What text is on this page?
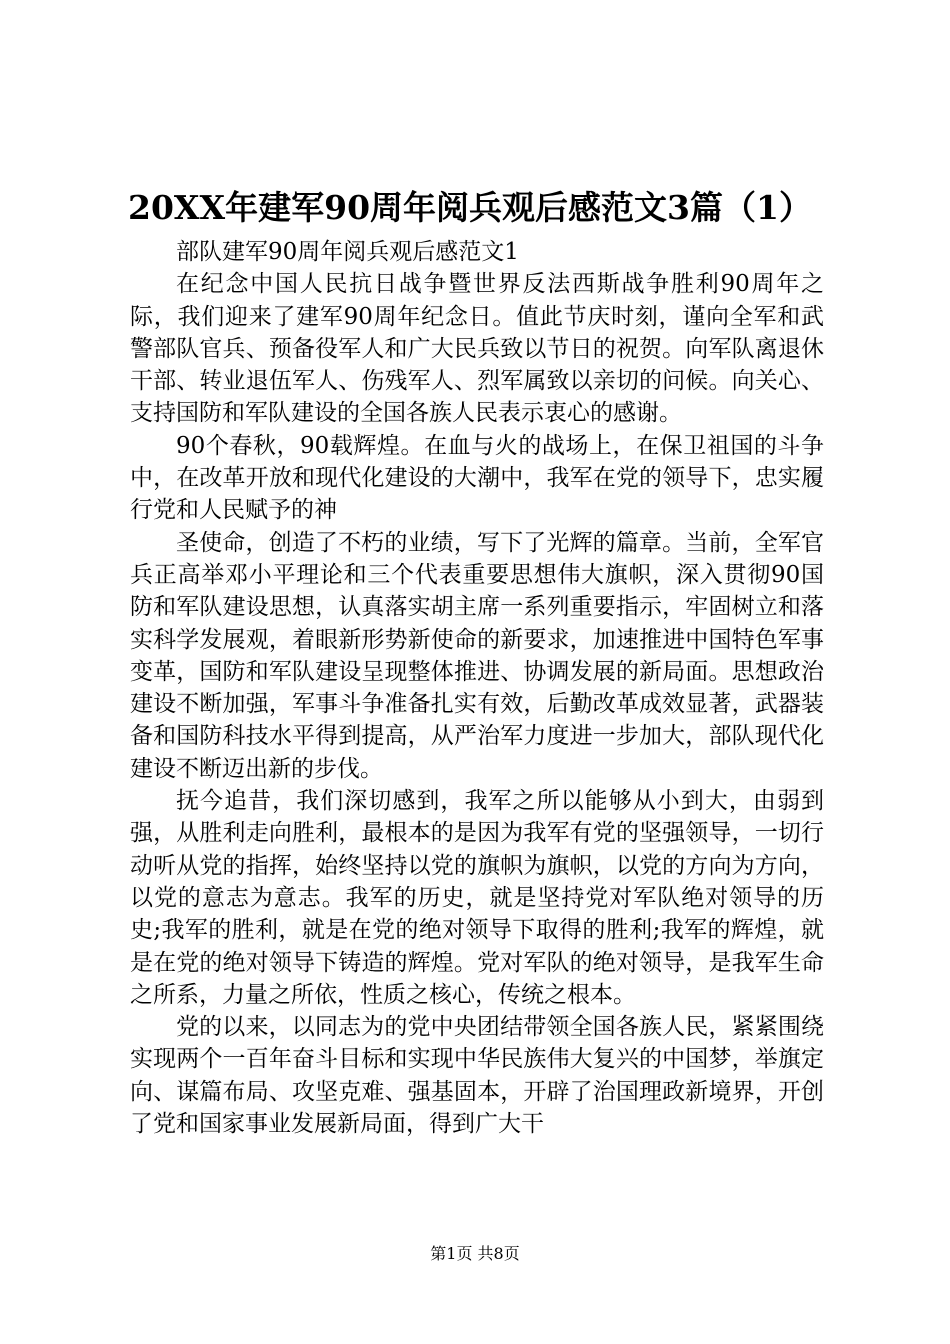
20XX年建军90周年阅兵观后感范文3篇（1）

部队建军90周年阅兵观后感范文1

在纪念中国人民抗日战争暨世界反法西斯战争胜利90周年之际，我们迎来了建军90周年纪念日。值此节庆时刻，谨向全军和武警部队官兵、预备役军人和广大民兵致以节日的祝贺。向军队离退休干部、转业退伍军人、伤残军人、烈军属致以亲切的问候。向关心、支持国防和军队建设的全国各族人民表示衷心的感谢。

90个春秋，90载辉煌。在血与火的战场上，在保卫祖国的斗争中，在改革开放和现代化建设的大潮中，我军在党的领导下，忠实履行党和人民赋予的神

圣使命，创造了不朽的业绩，写下了光辉的篇章。当前，全军官兵正高举邓小平理论和三个代表重要思想伟大旗帜，深入贯彻90国防和军队建设思想，认真落实胡主席一系列重要指示，牢固树立和落实科学发展观，着眼新形势新使命的新要求，加速推进中国特色军事变革，国防和军队建设呈现整体推进、协调发展的新局面。思想政治建设不断加强，军事斗争准备扎实有效，后勤改革成效显著，武器装备和国防科技水平得到提高，从严治军力度进一步加大，部队现代化建设不断迈出新的步伐。

抚今追昔，我们深切感到，我军之所以能够从小到大，由弱到强，从胜利走向胜利，最根本的是因为我军有党的坚强领导，一切行动听从党的指挥，始终坚持以党的旗帜为旗帜，以党的方向为方向，以党的意志为意志。我军的历史，就是坚持党对军队绝对领导的历史;我军的胜利，就是在党的绝对领导下取得的胜利;我军的辉煌，就是在党的绝对领导下铸造的辉煌。党对军队的绝对领导，是我军生命之所系，力量之所依，性质之核心，传统之根本。

党的以来，以同志为的党中央团结带领全国各族人民，紧紧围绕实现两个一百年奋斗目标和实现中华民族伟大复兴的中国梦，举旗定向、谋篇布局、攻坚克难、强基固本，开辟了治国理政新境界，开创了党和国家事业发展新局面，得到广大干

第1页 共8页
